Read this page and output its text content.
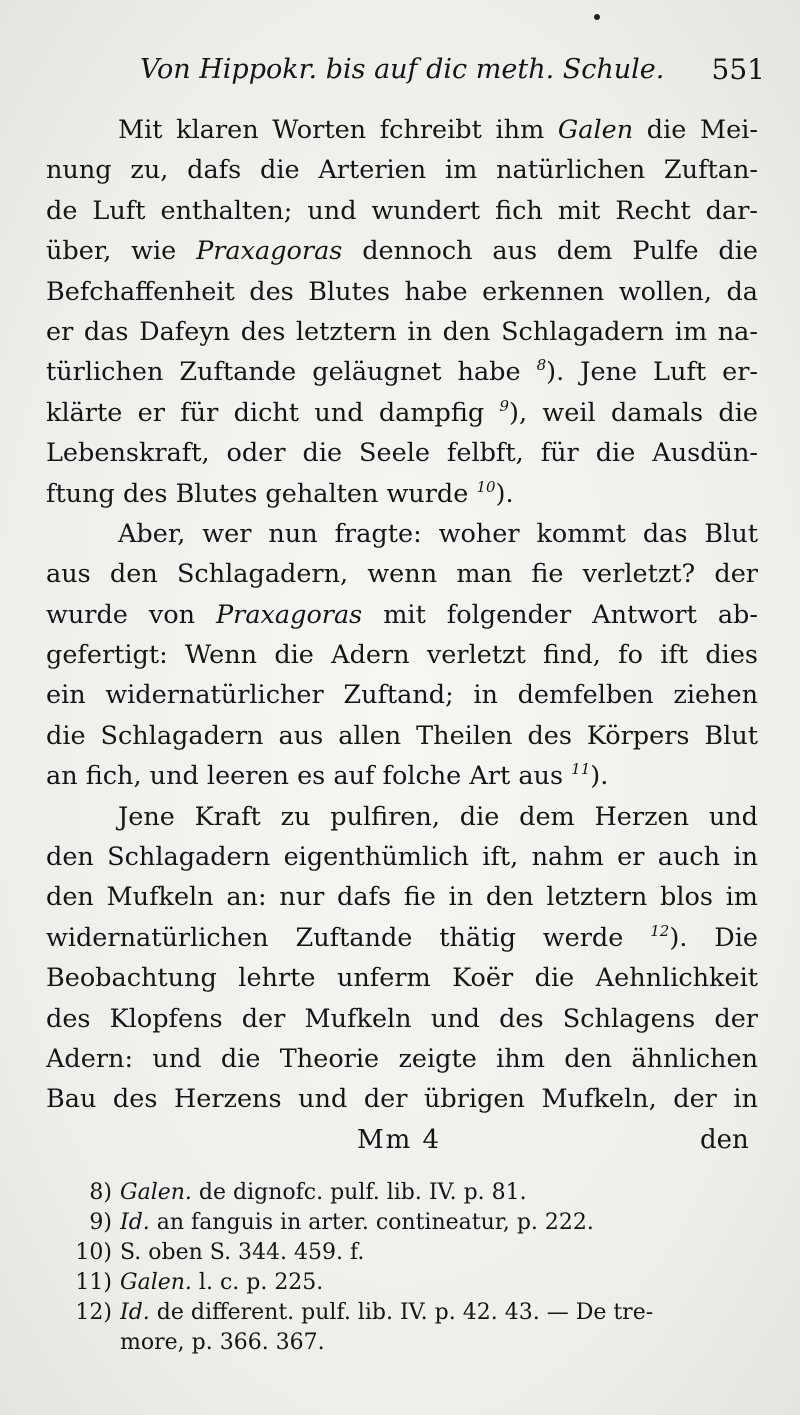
Von Hippokr. bis auf dic meth. Schule. 551
Mit klaren Worten fchreibt ihm Galen die Mei-
nung zu, dafs die Arterien im natürlichen Zuftan-
de Luft enthalten; und wundert fich mit Recht dar-
über, wie Praxagoras dennoch aus dem Pulfe die
Befchaffenheit des Blutes habe erkennen wollen, da
er das Dafeyn des letztern in den Schlagadern im na-
türlichen Zuftande geläugnet habe $^8$). Jene Luft er-
klärte er für dicht und dampfig $^9$), weil damals die
Lebenskraft, oder die Seele felbft, für die Ausdün-
ftung des Blutes gehalten wurde $^{10}$).
Aber, wer nun fragte: woher kommt das Blut
aus den Schlagadern, wenn man fie verletzt? der
wurde von Praxagoras mit folgender Antwort ab-
gefertigt: Wenn die Adern verletzt find, fo ift dies
ein widernatürlicher Zuftand; in demfelben ziehen
die Schlagadern aus allen Theilen des Körpers Blut
an fich, und leeren es auf folche Art aus $^{11}$).
Jene Kraft zu pulfiren, die dem Herzen und
den Schlagadern eigenthümlich ift, nahm er auch in
den Mufkeln an: nur dafs fie in den letztern blos im
widernatürlichen Zuftande thätig werde $^{12}$). Die
Beobachtung lehrte unferm Koër die Aehnlichkeit
des Klopfens der Mufkeln und des Schlagens der
Adern: und die Theorie zeigte ihm den ähnlichen
Bau des Herzens und der übrigen Mufkeln, der in
Mm 4	den
8) Galen. de dignofc. pulf. lib. IV. p. 81.
9) Id. an fanguis in arter. contineatur, p. 222.
10) S. oben S. 344. 459. f.
11) Galen. l. c. p. 225.
12) Id. de different. pulf. lib. IV. p. 42. 43. — De tre-
more, p. 366. 367.
